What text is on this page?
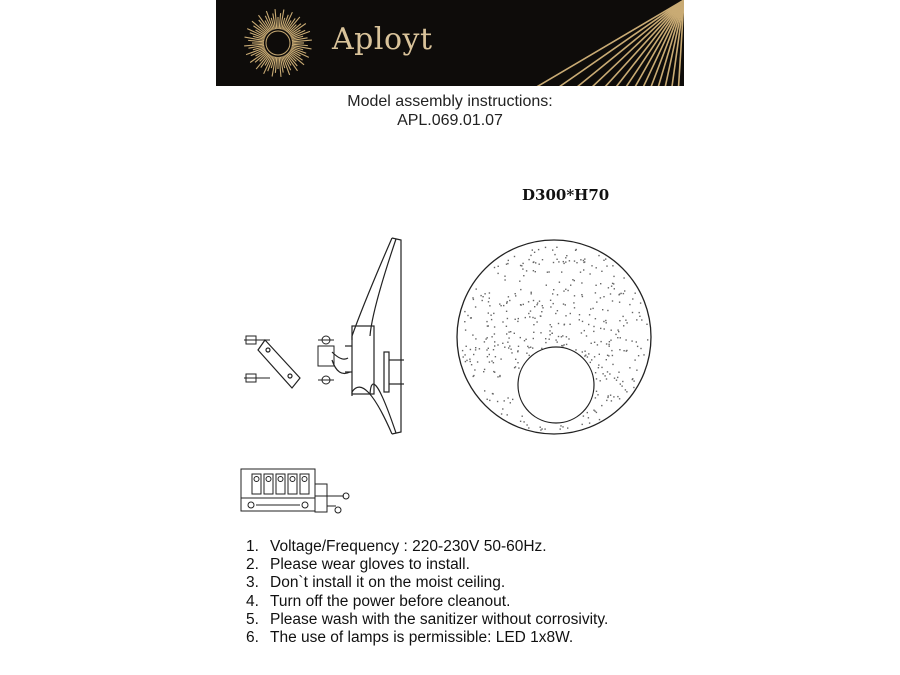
Aployt
Model assembly instructions:
APL.069.01.07
D300*H70
1. Voltage/Frequency : 220-230V 50-60Hz.
2. Please wear gloves to install.
3. Don`t install it on the moist ceiling.
4. Turn off the power before cleanout.
5. Please wash with the sanitizer without corrosivity.
6. The use of lamps is permissible: LED 1x8W.
